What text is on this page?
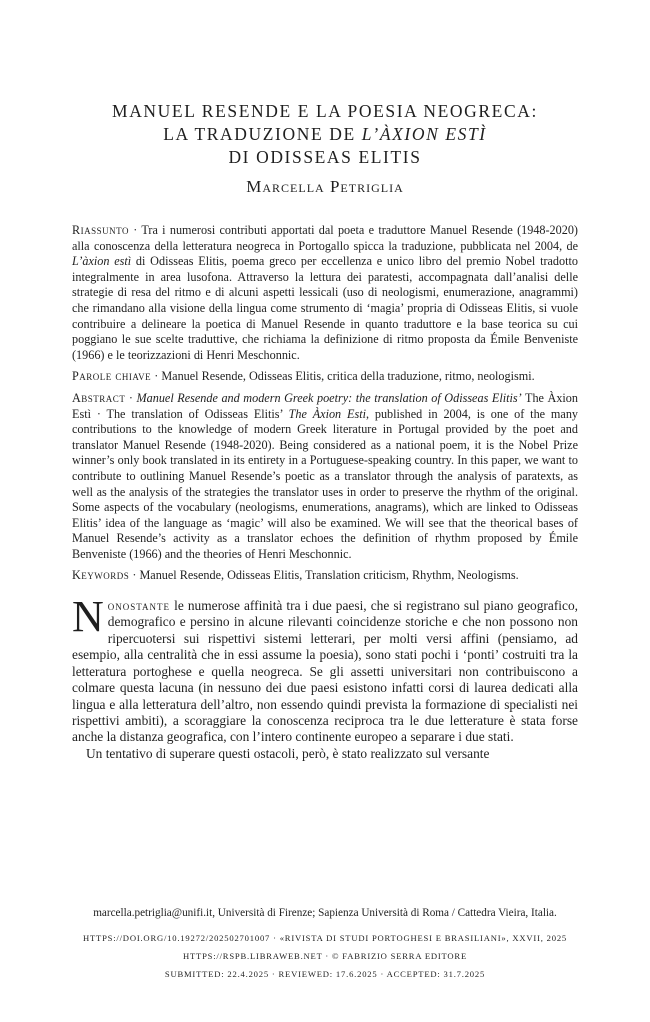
MANUEL RESENDE E LA POESIA NEOGRECA:
LA TRADUZIONE DE L’ÀXION ESTÌ
DI ODISSEAS ELITIS
Marcella Petriglia

Riassunto · Tra i numerosi contributi apportati dal poeta e traduttore Manuel Resende (1948-2020) alla conoscenza della letteratura neogreca in Portogallo spicca la traduzione, pubblicata nel 2004, de L’àxion estì di Odisseas Elitis, poema greco per eccellenza e unico libro del premio Nobel tradotto integralmente in area lusofona. Attraverso la lettura dei paratesti, accompagnata dall’analisi delle strategie di resa del ritmo e di alcuni aspetti lessicali (uso di neologismi, enumerazione, anagrammi) che rimandano alla visione della lingua come strumento di ‘magia’ propria di Odisseas Elitis, si vuole contribuire a delineare la poetica di Manuel Resende in quanto traduttore e la base teorica su cui poggiano le sue scelte traduttive, che richiama la definizione di ritmo proposta da Émile Benveniste (1966) e le teorizzazioni di Henri Meschonnic.

Parole chiave · Manuel Resende, Odisseas Elitis, critica della traduzione, ritmo, neologismi.

Abstract · Manuel Resende and modern Greek poetry: the translation of Odisseas Elitis’ The Àxion Estì · The translation of Odisseas Elitis’ The Àxion Esti, published in 2004, is one of the many contributions to the knowledge of modern Greek literature in Portugal provided by the poet and translator Manuel Resende (1948-2020). Being considered as a national poem, it is the Nobel Prize winner’s only book translated in its entirety in a Portuguese-speaking country. In this paper, we want to contribute to outlining Manuel Resende’s poetic as a translator through the analysis of paratexts, as well as the analysis of the strategies the translator uses in order to preserve the rhythm of the original. Some aspects of the vocabulary (neologisms, enumerations, anagrams), which are linked to Odisseas Elitis’ idea of the language as ‘magic’ will also be examined. We will see that the theorical bases of Manuel Resende’s activity as a translator echoes the definition of rhythm proposed by Émile Benveniste (1966) and the theories of Henri Meschonnic.

Keywords · Manuel Resende, Odisseas Elitis, Translation criticism, Rhythm, Neologisms.

Nonostante le numerose affinità tra i due paesi, che si registrano sul piano geografico, demografico e persino in alcune rilevanti coincidenze storiche e che non possono non ripercuotersi sui rispettivi sistemi letterari, per molti versi affini (pensiamo, ad esempio, alla centralità che in essi assume la poesia), sono stati pochi i ‘ponti’ costruiti tra la letteratura portoghese e quella neogreca. Se gli assetti universitari non contribuiscono a colmare questa lacuna (in nessuno dei due paesi esistono infatti corsi di laurea dedicati alla lingua e alla letteratura dell’altro, non essendo quindi prevista la formazione di specialisti nei rispettivi ambiti), a scoraggiare la conoscenza reciproca tra le due letterature è stata forse anche la distanza geografica, con l’intero continente europeo a separare i due stati.

Un tentativo di superare questi ostacoli, però, è stato realizzato sul versante

marcella.petriglia@unifi.it, Università di Firenze; Sapienza Università di Roma / Cattedra Vieira, Italia.
HTTPS://DOI.ORG/10.19272/202502701007 · «RIVISTA DI STUDI PORTOGHESI E BRASILIANI», XXVII, 2025
HTTPS://RSPB.LIBRAWEB.NET · © FABRIZIO SERRA EDITORE
SUBMITTED: 22.4.2025 · REVIEWED: 17.6.2025 · ACCEPTED: 31.7.2025
